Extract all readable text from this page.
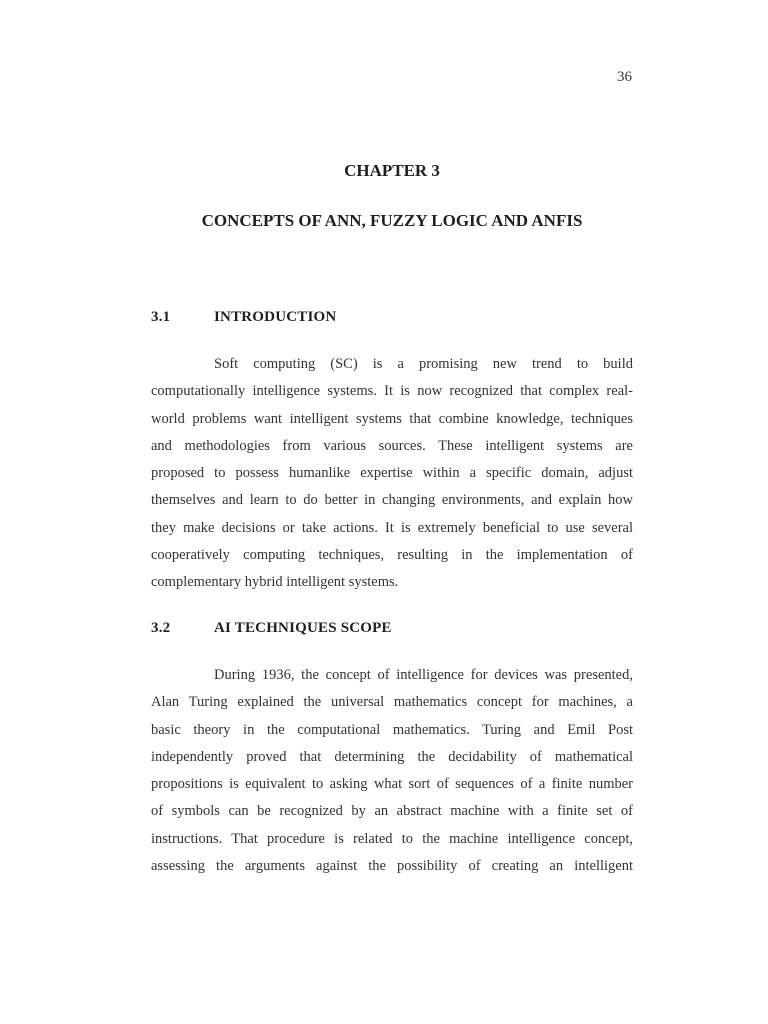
36
CHAPTER 3
CONCEPTS OF ANN, FUZZY LOGIC AND ANFIS
3.1	INTRODUCTION
Soft computing (SC) is a promising new trend to build
computationally intelligence systems. It is now recognized that complex real-
world problems want intelligent systems that combine knowledge, techniques
and methodologies from various sources. These intelligent systems are
proposed to possess humanlike expertise within a specific domain, adjust
themselves and learn to do better in changing environments, and explain how
they make decisions or take actions. It is extremely beneficial to use several
cooperatively computing techniques, resulting in the implementation of
complementary hybrid intelligent systems.
3.2	AI TECHNIQUES SCOPE
During 1936, the concept of intelligence for devices was presented,
Alan Turing explained the universal mathematics concept for machines, a
basic theory in the computational mathematics. Turing and Emil Post
independently proved that determining the decidability of mathematical
propositions is equivalent to asking what sort of sequences of a finite number
of symbols can be recognized by an abstract machine with a finite set of
instructions. That procedure is related to the machine intelligence concept,
assessing the arguments against the possibility of creating an intelligent
